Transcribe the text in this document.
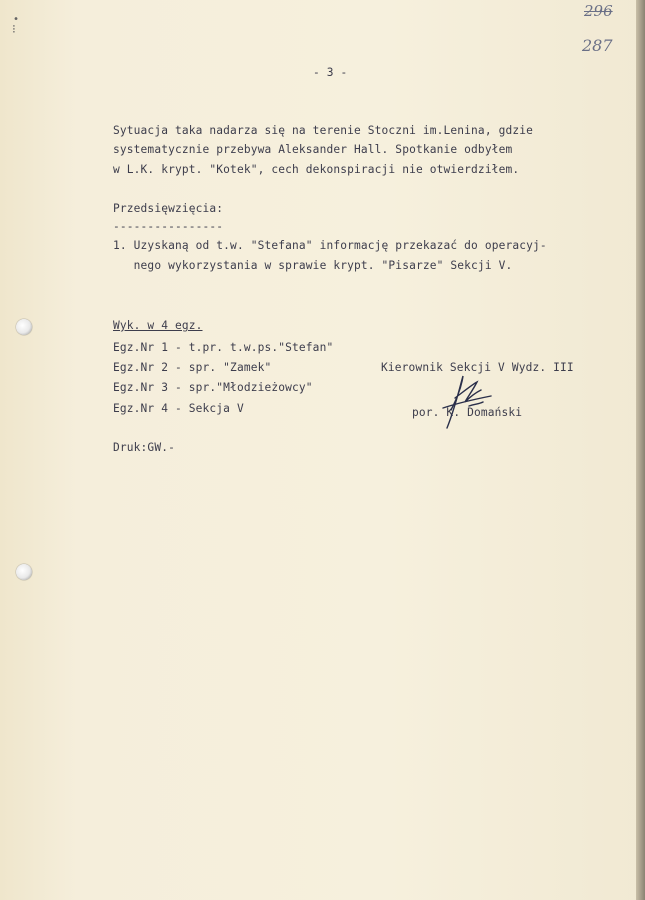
•
⁝
296
287
- 3 -
Sytuacja taka nadarza się na terenie Stoczni im.Lenina, gdzie
systematycznie przebywa Aleksander Hall. Spotkanie odbyłem
w L.K. krypt. "Kotek", cech dekonspiracji nie otwierdziłem.
Przedsięwzięcia:
----------------
1. Uzyskaną od t.w. "Stefana" informację przekazać do operacyj-
nego wykorzystania w sprawie krypt. "Pisarze" Sekcji V.
Wyk. w 4 egz.
Egz.Nr 1 - t.pr. t.w.ps."Stefan"
Egz.Nr 2 - spr. "Zamek"
Egz.Nr 3 - spr."Młodzieżowcy"
Egz.Nr 4 - Sekcja V
Kierownik Sekcji V Wydz. III
por. K. Domański
Druk:GW.-
